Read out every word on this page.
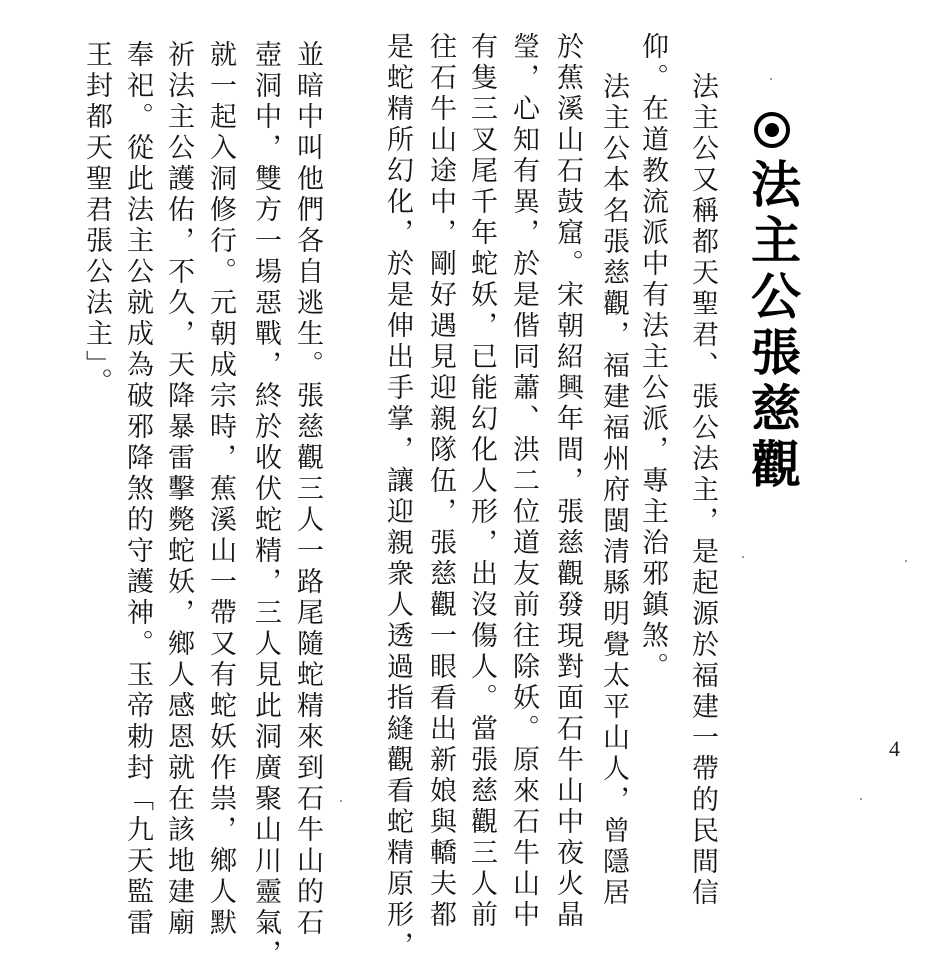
法主公張慈觀
法主公又稱都天聖君、張公法主，是起源於福建一帶的民間信
仰。在道教流派中有法主公派，專主治邪鎮煞。
法主公本名張慈觀，福建福州府閩清縣明覺太平山人，曾隱居
於蕉溪山石鼓窟。宋朝紹興年間，張慈觀發現對面石牛山中夜火晶
瑩，心知有異，於是偕同蕭、洪二位道友前往除妖。原來石牛山中
有隻三叉尾千年蛇妖，已能幻化人形，出沒傷人。當張慈觀三人前
往石牛山途中，剛好遇見迎親隊伍，張慈觀一眼看出新娘與轎夫都
是蛇精所幻化，於是伸出手掌，讓迎親衆人透過指縫觀看蛇精原形，
並暗中叫他們各自逃生。張慈觀三人一路尾隨蛇精來到石牛山的石
壺洞中，雙方一場惡戰，終於收伏蛇精，三人見此洞廣聚山川靈氣，
就一起入洞修行。元朝成宗時，蕉溪山一帶又有蛇妖作祟，鄉人默
祈法主公護佑，不久，天降暴雷擊斃蛇妖，鄉人感恩就在該地建廟
奉祀。從此法主公就成為破邪降煞的守護神。玉帝勅封「九天監雷
王封都天聖君張公法主」。
4
